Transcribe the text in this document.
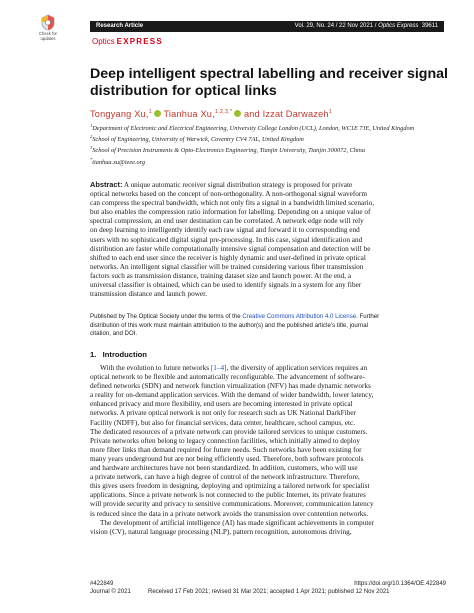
Check for updates
Research Article	Vol. 29, No. 24 / 22 Nov 2021 / Optics Express  39611
Optics EXPRESS
Deep intelligent spectral labelling and receiver signal distribution for optical links
Tongyang Xu,$^1$ Tianhua Xu,$^{1,2,3,*}$ and Izzat Darwazeh$^1$

$^1$Department of Electronic and Electrical Engineering, University College London (UCL), London, WC1E 7JE, United Kingdom

$^2$School of Engineering, University of Warwick, Coventry CV4 7AL, United Kingdom

$^3$School of Precision Instruments & Opto-Electronics Engineering, Tianjin University, Tianjin 300072, China

*tianhua.xu@ieee.org

Abstract: A unique automatic receiver signal distribution strategy is proposed for private
optical networks based on the concept of non-orthogonality. A non-orthogonal signal waveform
can compress the spectral bandwidth, which not only fits a signal in a bandwidth limited scenario,
but also enables the compression ratio information for labelling. Depending on a unique value of
spectral compression, an end user destination can be correlated. A network edge node will rely
on deep learning to intelligently identify each raw signal and forward it to corresponding end
users with no sophisticated digital signal pre-processing. In this case, signal identification and
distribution are faster while computationally intensive signal compensation and detection will be
shifted to each end user since the receiver is highly dynamic and user-defined in private optical
networks. An intelligent signal classifier will be trained considering various fiber transmission
factors such as transmission distance, training dataset size and launch power. At the end, a
universal classifier is obtained, which can be used to identify signals in a system for any fiber
transmission distance and launch power.

Published by The Optical Society under the terms of the Creative Commons Attribution 4.0 License. Further

distribution of this work must maintain attribution to the author(s) and the published article’s title, journal

citation, and DOI.

1.   Introduction
With the evolution to future networks [1–4], the diversity of application services requires an
optical network to be flexible and automatically reconfigurable. The advancement of software-
defined networks (SDN) and network function virtualization (NFV) has made dynamic networks
a reality for on-demand application services. With the demand of wider bandwidth, lower latency,
enhanced privacy and more flexibility, end users are becoming interested in private optical
networks. A private optical network is not only for research such as UK National DarkFiber
Facility (NDFF), but also for financial services, data center, healthcare, school campus, etc.
The dedicated resources of a private network can provide tailored services to unique customers.
Private networks often belong to legacy connection facilities, which initially aimed to deploy
more fiber links than demand required for future needs. Such networks have been existing for
many years underground but are not being efficiently used. Therefore, both software protocols
and hardware architectures have not been standardized. In addition, customers, who will use
a private network, can have a high degree of control of the network infrastructure. Therefore,
this gives users freedom in designing, deploying and optimizing a tailored network for specialist
applications. Since a private network is not connected to the public Internet, its private features
will provide security and privacy to sensitive communications. Moreover, communication latency
is reduced since the data in a private network avoids the transmission over contention networks.
The development of artificial intelligence (AI) has made significant achievements in computer
vision (CV), natural language processing (NLP), pattern recognition, autonomous driving,
#422849	https://doi.org/10.1364/OE.422849
Journal © 2021	Received 17 Feb 2021; revised 31 Mar 2021; accepted 1 Apr 2021; published 12 Nov 2021
